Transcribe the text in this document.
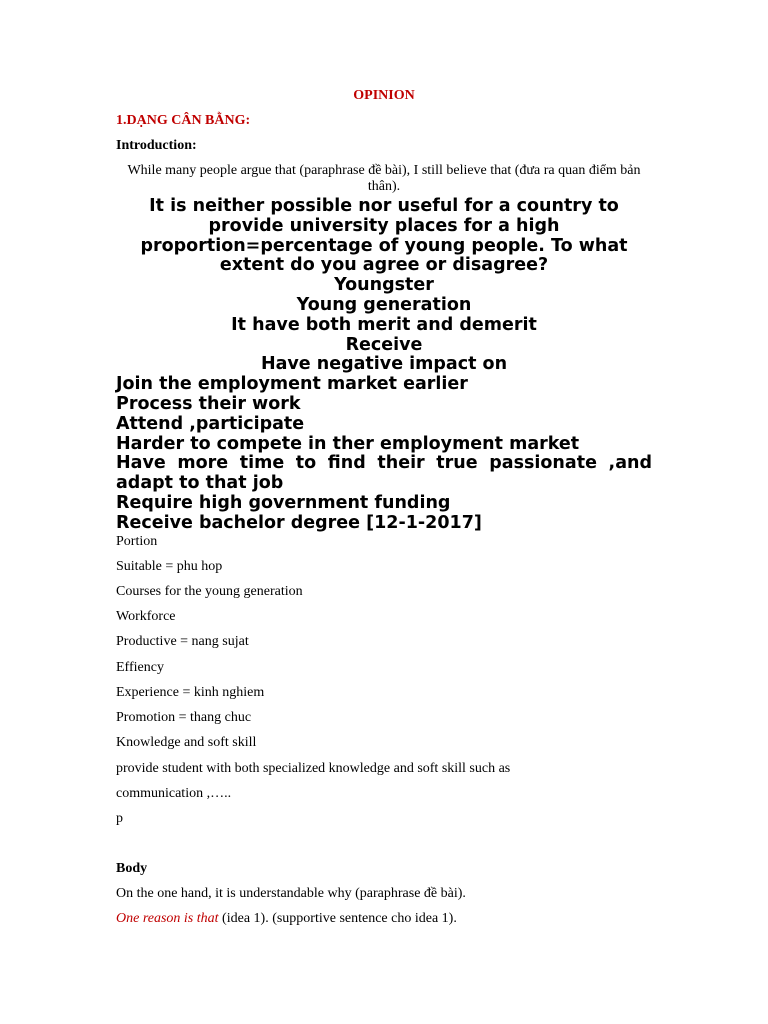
OPINION
1.DẠNG CÂN BẰNG:
Introduction:
While many people argue that (paraphrase đề bài), I still believe that (đưa ra quan điểm bản thân).
It is neither possible nor useful for a country to provide university places for a high proportion=percentage of young people. To what extent do you agree or disagree?
Youngster
Young generation
It have both merit and demerit
Receive
Have negative impact on
Join the employment market earlier
Process their work
Attend ,participate
Harder to compete in ther employment market
Have more time to find their true passionate ,and adapt to that job
Require high government funding
Receive bachelor degree [12-1-2017]
Portion
Suitable = phu hop
Courses for the young generation
Workforce
Productive = nang sujat
Effiency
Experience = kinh nghiem
Promotion = thang chuc
Knowledge and soft skill
provide student with both specialized knowledge and soft skill such as
communication ,…..
p
Body
On the one hand, it is understandable why (paraphrase đề bài).
One reason is that (idea 1). (supportive sentence cho idea 1).
